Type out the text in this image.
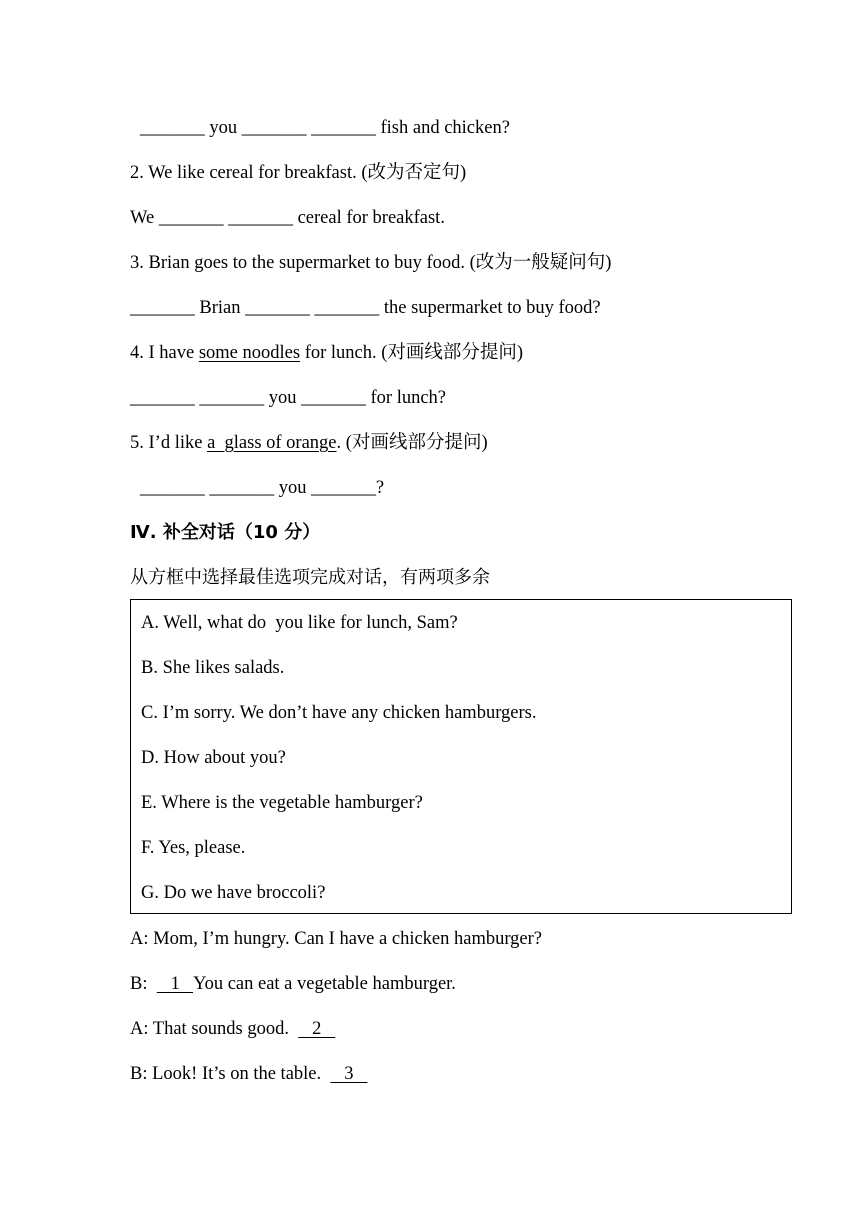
_______ you _______ _______ fish and chicken?
2. We like cereal for breakfast. (改为否定句)
We _______ _______ cereal for breakfast.
3. Brian goes to the supermarket to buy food. (改为一般疑问句)
_______ Brian _______ _______ the supermarket to buy food?
4. I have some noodles for lunch. (对画线部分提问)
_______ _______ you _______ for lunch?
5. I’d like a  glass of orange. (对画线部分提问)
_______ _______ you _______?
Ⅳ. 补全对话（10 分）
从方框中选择最佳选项完成对话，有两项多余
A. Well, what do  you like for lunch, Sam?
B. She likes salads.
C. I’m sorry. We don’t have any chicken hamburgers.
D. How about you?
E. Where is the vegetable hamburger?
F. Yes, please.
G. Do we have broccoli?
A: Mom, I’m hungry. Can I have a chicken hamburger?
B:     1   You can eat a vegetable hamburger.
A: That sounds good.     2
B: Look! It’s on the table.     3
